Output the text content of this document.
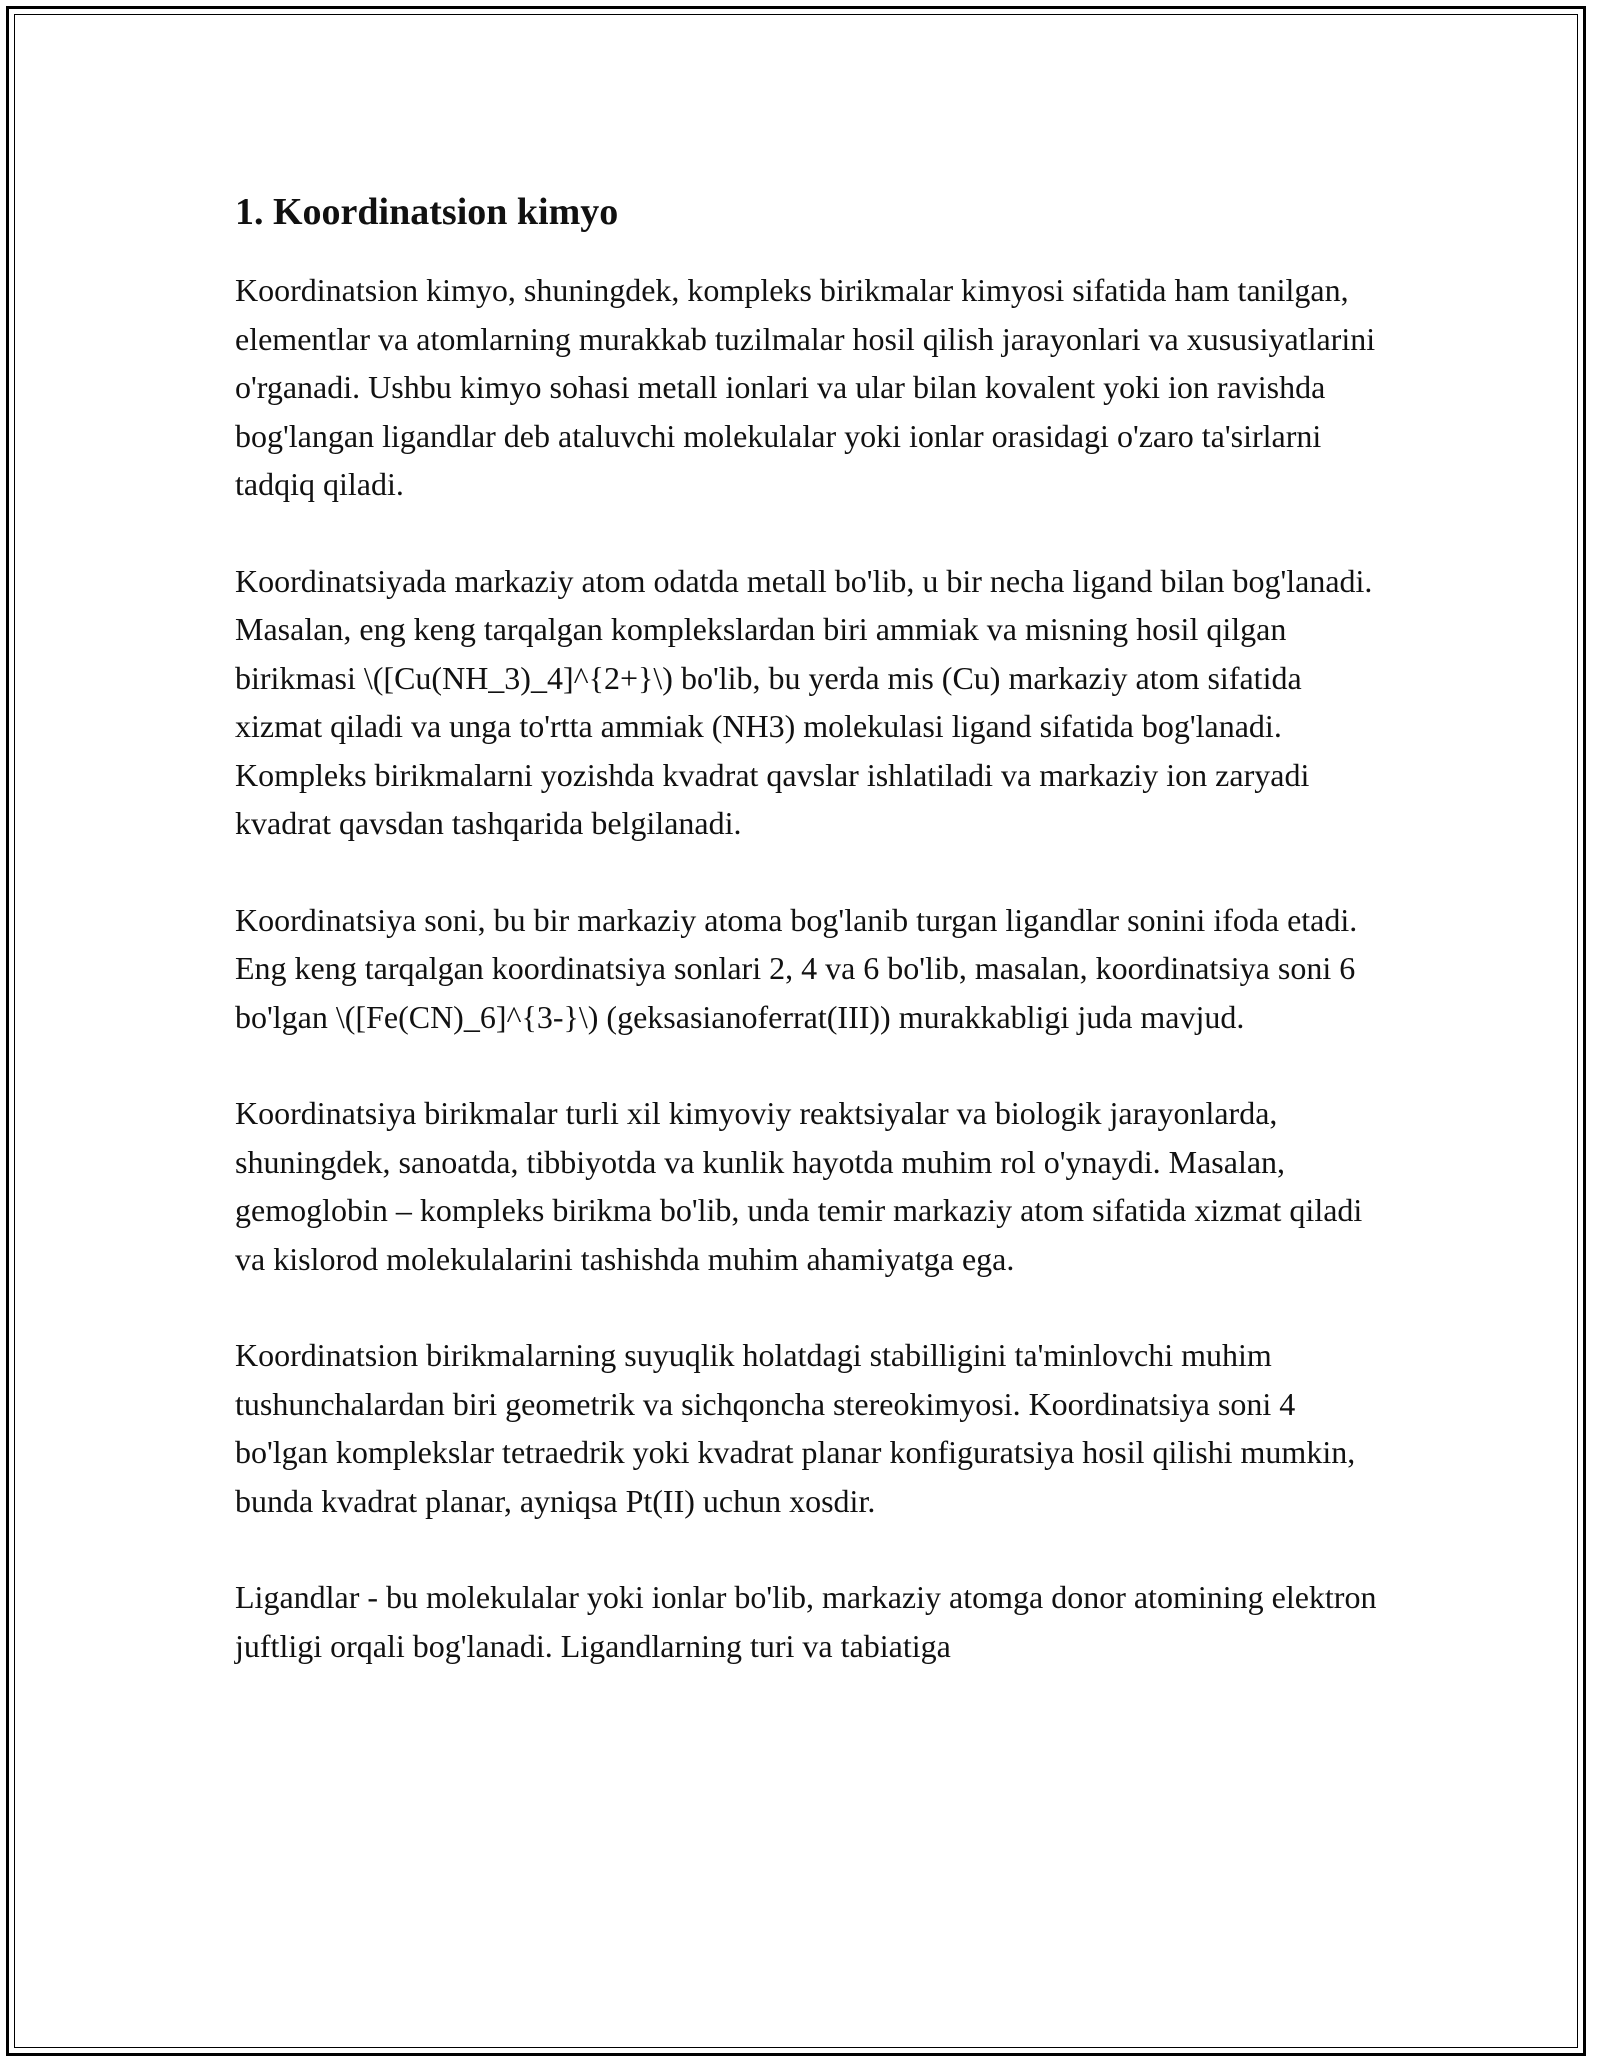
1. Koordinatsion kimyo

Koordinatsion kimyo, shuningdek, kompleks birikmalar kimyosi sifatida ham tanilgan, elementlar va atomlarning murakkab tuzilmalar hosil qilish jarayonlari va xususiyatlarini o'rganadi. Ushbu kimyo sohasi metall ionlari va ular bilan kovalent yoki ion ravishda bog'langan ligandlar deb ataluvchi molekulalar yoki ionlar orasidagi o'zaro ta'sirlarni tadqiq qiladi.

Koordinatsiyada markaziy atom odatda metall bo'lib, u bir necha ligand bilan bog'lanadi. Masalan, eng keng tarqalgan komplekslardan biri ammiak va misning hosil qilgan birikmasi \([Cu(NH_3)_4]^{2+}\) bo'lib, bu yerda mis (Cu) markaziy atom sifatida xizmat qiladi va unga to'rtta ammiak (NH3) molekulasi ligand sifatida bog'lanadi. Kompleks birikmalarni yozishda kvadrat qavslar ishlatiladi va markaziy ion zaryadi kvadrat qavsdan tashqarida belgilanadi.

Koordinatsiya soni, bu bir markaziy atoma bog'lanib turgan ligandlar sonini ifoda etadi. Eng keng tarqalgan koordinatsiya sonlari 2, 4 va 6 bo'lib, masalan, koordinatsiya soni 6 bo'lgan \([Fe(CN)_6]^{3-}\) (geksasianoferrat(III)) murakkabligi juda mavjud.

Koordinatsiya birikmalar turli xil kimyoviy reaktsiyalar va biologik jarayonlarda, shuningdek, sanoatda, tibbiyotda va kunlik hayotda muhim rol o'ynaydi. Masalan, gemoglobin – kompleks birikma bo'lib, unda temir markaziy atom sifatida xizmat qiladi va kislorod molekulalarini tashishda muhim ahamiyatga ega.

Koordinatsion birikmalarning suyuqlik holatdagi stabilligini ta'minlovchi muhim tushunchalardan biri geometrik va sichqoncha stereokimyosi. Koordinatsiya soni 4 bo'lgan komplekslar tetraedrik yoki kvadrat planar konfiguratsiya hosil qilishi mumkin, bunda kvadrat planar, ayniqsa Pt(II) uchun xosdir.

Ligandlar - bu molekulalar yoki ionlar bo'lib, markaziy atomga donor atomining elektron juftligi orqali bog'lanadi. Ligandlarning turi va tabiatiga
